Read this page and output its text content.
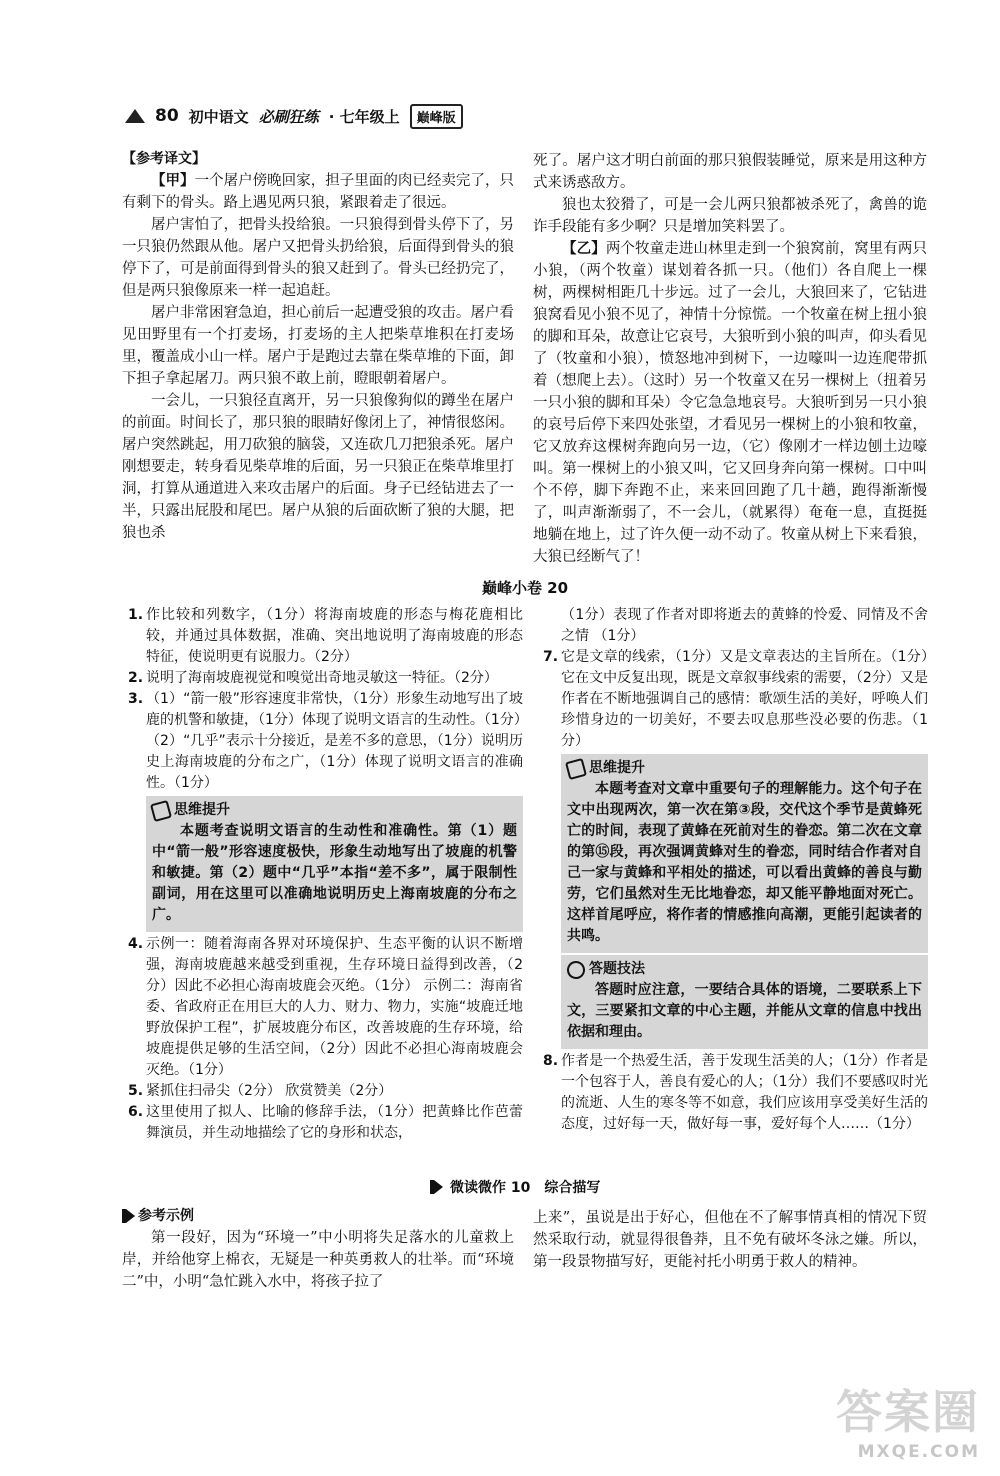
80 初中语文 必刷狂练 · 七年级上	巅峰版

【参考译文】

【甲】一个屠户傍晚回家，担子里面的肉已经卖完了，只有剩下的骨头。路上遇见两只狼，紧跟着走了很远。

屠户害怕了，把骨头投给狼。一只狼得到骨头停下了，另一只狼仍然跟从他。屠户又把骨头扔给狼，后面得到骨头的狼停下了，可是前面得到骨头的狼又赶到了。骨头已经扔完了，但是两只狼像原来一样一起追赶。

屠户非常困窘急迫，担心前后一起遭受狼的攻击。屠户看见田野里有一个打麦场，打麦场的主人把柴草堆积在打麦场里，覆盖成小山一样。屠户于是跑过去靠在柴草堆的下面，卸下担子拿起屠刀。两只狼不敢上前，瞪眼朝着屠户。

一会儿，一只狼径直离开，另一只狼像狗似的蹲坐在屠户的前面。时间长了，那只狼的眼睛好像闭上了，神情很悠闲。屠户突然跳起，用刀砍狼的脑袋，又连砍几刀把狼杀死。屠户刚想要走，转身看见柴草堆的后面，另一只狼正在柴草堆里打洞，打算从通道进入来攻击屠户的后面。身子已经钻进去了一半，只露出屁股和尾巴。屠户从狼的后面砍断了狼的大腿，把狼也杀

死了。屠户这才明白前面的那只狼假装睡觉，原来是用这种方式来诱惑敌方。

狼也太狡猾了，可是一会儿两只狼都被杀死了，禽兽的诡诈手段能有多少啊？只是增加笑料罢了。

【乙】两个牧童走进山林里走到一个狼窝前，窝里有两只小狼，（两个牧童）谋划着各抓一只。（他们）各自爬上一棵树，两棵树相距几十步远。过了一会儿，大狼回来了，它钻进狼窝看见小狼不见了，神情十分惊慌。一个牧童在树上扭小狼的脚和耳朵，故意让它哀号，大狼听到小狼的叫声，仰头看见了（牧童和小狼），愤怒地冲到树下，一边嚎叫一边连爬带抓着（想爬上去）。（这时）另一个牧童又在另一棵树上（扭着另一只小狼的脚和耳朵）令它急急地哀号。大狼听到另一只小狼的哀号后停下来四处张望，才看见另一棵树上的小狼和牧童，它又放弃这棵树奔跑向另一边，（它）像刚才一样边刨土边嚎叫。第一棵树上的小狼又叫，它又回身奔向第一棵树。口中叫个不停，脚下奔跑不止，来来回回跑了几十趟，跑得渐渐慢了，叫声渐渐弱了，不一会儿，（就累得）奄奄一息，直挺挺地躺在地上，过了许久便一动不动了。牧童从树上下来看狼，大狼已经断气了！

巅峰小卷 20
1. 作比较和列数字，（1分）将海南坡鹿的形态与梅花鹿相比较，并通过具体数据，准确、突出地说明了海南坡鹿的形态特征，使说明更有说服力。（2分）
2. 说明了海南坡鹿视觉和嗅觉出奇地灵敏这一特征。（2分）
3. （1）“箭一般”形容速度非常快，（1分）形象生动地写出了坡鹿的机警和敏捷，（1分）体现了说明文语言的生动性。（1分）
（2）“几乎”表示十分接近，是差不多的意思，（1分）说明历史上海南坡鹿的分布之广，（1分）体现了说明文语言的准确性。（1分）
思维提升
本题考查说明文语言的生动性和准确性。第（1）题中“箭一般”形容速度极快，形象生动地写出了坡鹿的机警和敏捷。第（2）题中“几乎”本指“差不多”，属于限制性副词，用在这里可以准确地说明历史上海南坡鹿的分布之广。
4. 示例一：随着海南各界对环境保护、生态平衡的认识不断增强，海南坡鹿越来越受到重视，生存环境日益得到改善，（2分）因此不必担心海南坡鹿会灭绝。（1分） 示例二：海南省委、省政府正在用巨大的人力、财力、物力，实施“坡鹿迁地野放保护工程”，扩展坡鹿分布区，改善坡鹿的生存环境，给坡鹿提供足够的生活空间，（2分）因此不必担心海南坡鹿会灭绝。（1分）
5. 紧抓住扫帚尖（2分） 欣赏赞美（2分）
6. 这里使用了拟人、比喻的修辞手法，（1分）把黄蜂比作芭蕾舞演员，并生动地描绘了它的身形和状态，
（1分）表现了作者对即将逝去的黄蜂的怜爱、同情及不舍之情 （1分）
7. 它是文章的线索，（1分）又是文章表达的主旨所在。（1分）它在文中反复出现，既是文章叙事线索的需要，（2分）又是作者在不断地强调自己的感情：歌颂生活的美好，呼唤人们珍惜身边的一切美好，不要去叹息那些没必要的伤悲。（1分）
思维提升
本题考查对文章中重要句子的理解能力。这个句子在文中出现两次，第一次在第③段，交代这个季节是黄蜂死亡的时间，表现了黄蜂在死前对生的眷恋。第二次在文章的第⑮段，再次强调黄蜂对生的眷恋，同时结合作者对自己一家与黄蜂和平相处的描述，可以看出黄蜂的善良与勤劳，它们虽然对生无比地眷恋，却又能平静地面对死亡。这样首尾呼应，将作者的情感推向高潮，更能引起读者的共鸣。
答题技法
答题时应注意，一要结合具体的语境，二要联系上下文，三要紧扣文章的中心主题，并能从文章的信息中找出依据和理由。
8. 作者是一个热爱生活，善于发现生活美的人；（1分）作者是一个包容于人，善良有爱心的人；（1分）我们不要感叹时光的流逝、人生的寒冬等不如意，我们应该用享受美好生活的态度，过好每一天，做好每一事，爱好每个人……（1分）
微读微作 10　综合描写

参考示例

第一段好，因为“环境一”中小明将失足落水的儿童救上岸，并给他穿上棉衣，无疑是一种英勇救人的壮举。而“环境二”中，小明“急忙跳入水中，将孩子拉了

上来”，虽说是出于好心，但他在不了解事情真相的情况下贸然采取行动，就显得很鲁莽，且不免有破坏冬泳之嫌。所以，第一段景物描写好，更能衬托小明勇于救人的精神。

答案圈
MXQE.COM
